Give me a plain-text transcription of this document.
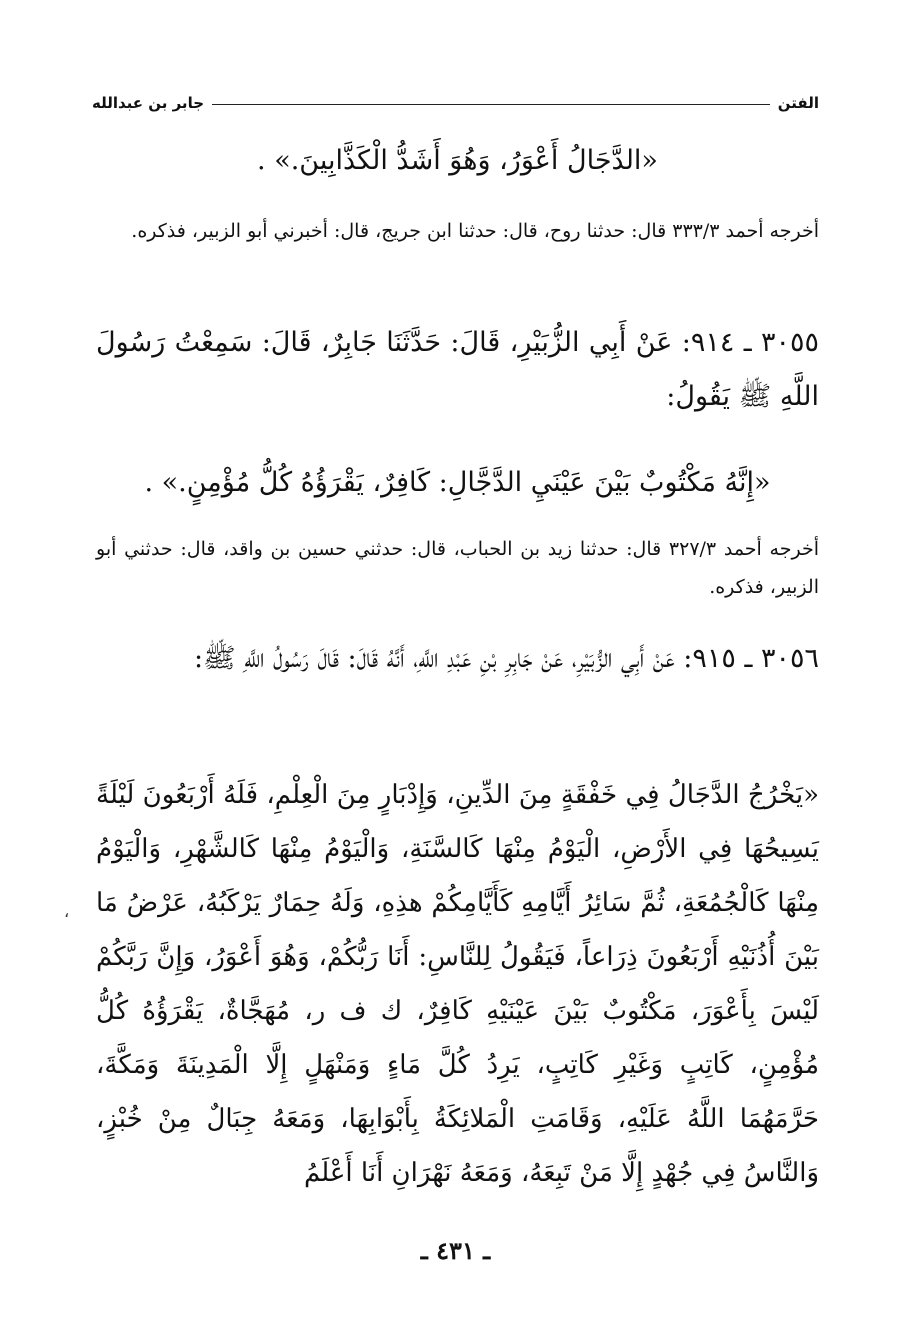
الفتن
جابر بن عبدالله
«الدَّجَالُ أَعْوَرُ، وَهُوَ أَشَدُّ الْكَذَّابِينَ.» .
أخرجه أحمد ٣٣٣/٣ قال: حدثنا روح، قال: حدثنا ابن جريج، قال: أخبرني أبو الزبير، فذكره.
٣٠٥٥ ـ ٩١٤: عَنْ أَبِي الزُّبَيْرِ، قَالَ: حَدَّثَنَا جَابِرٌ، قَالَ: سَمِعْتُ رَسُولَ اللَّهِ ﷺ يَقُولُ:
«إِنَّهُ مَكْتُوبٌ بَيْنَ عَيْنَيِ الدَّجَّالِ: كَافِرٌ، يَقْرَؤُهُ كُلُّ مُؤْمِنٍ.» .
أخرجه أحمد ٣٢٧/٣ قال: حدثنا زيد بن الحباب، قال: حدثني حسين بن واقد، قال: حدثني أبو الزبير، فذكره.
٣٠٥٦ ـ ٩١٥: عَنْ أَبِي الزُّبَيْرِ، عَنْ جَابِرِ بْنِ عَبْدِ اللَّهِ، أَنَّهُ قَالَ: قَالَ رَسُولُ اللَّهِ ﷺ:
«يَخْرُجُ الدَّجَالُ فِي خَفْقَةٍ مِنَ الدِّينِ، وَإِدْبَارٍ مِنَ الْعِلْمِ، فَلَهُ أَرْبَعُونَ لَيْلَةً يَسِيحُهَا فِي الأَرْضِ، الْيَوْمُ مِنْهَا كَالسَّنَةِ، وَالْيَوْمُ مِنْهَا كَالشَّهْرِ، وَالْيَوْمُ مِنْهَا كَالْجُمُعَةِ، ثُمَّ سَائِرُ أَيَّامِهِ كَأَيَّامِكُمْ هذِهِ، وَلَهُ حِمَارٌ يَرْكَبُهُ، عَرْضُ مَا بَيْنَ أُذُنَيْهِ أَرْبَعُونَ ذِرَاعاً، فَيَقُولُ لِلنَّاسِ: أَنَا رَبُّكُمْ، وَهُوَ أَعْوَرُ، وَإِنَّ رَبَّكُمْ لَيْسَ بِأَعْوَرَ، مَكْتُوبٌ بَيْنَ عَيْنَيْهِ كَافِرٌ، ك ف ر، مُهَجَّاةٌ، يَقْرَؤُهُ كُلُّ مُؤْمِنٍ، كَاتِبٍ وَغَيْرِ كَاتِبٍ، يَرِدُ كُلَّ مَاءٍ وَمَنْهَلٍ إِلَّا الْمَدِينَةَ وَمَكَّةَ، حَرَّمَهُمَا اللَّهُ عَلَيْهِ، وَقَامَتِ الْمَلائِكَةُ بِأَبْوَابِهَا، وَمَعَهُ جِبَالٌ مِنْ خُبْزٍ، وَالنَّاسُ فِي جُهْدٍ إِلَّا مَنْ تَبِعَهُ، وَمَعَهُ نَهْرَانِ أَنَا أَعْلَمُ
،
ـ ٤٣١ ـ
